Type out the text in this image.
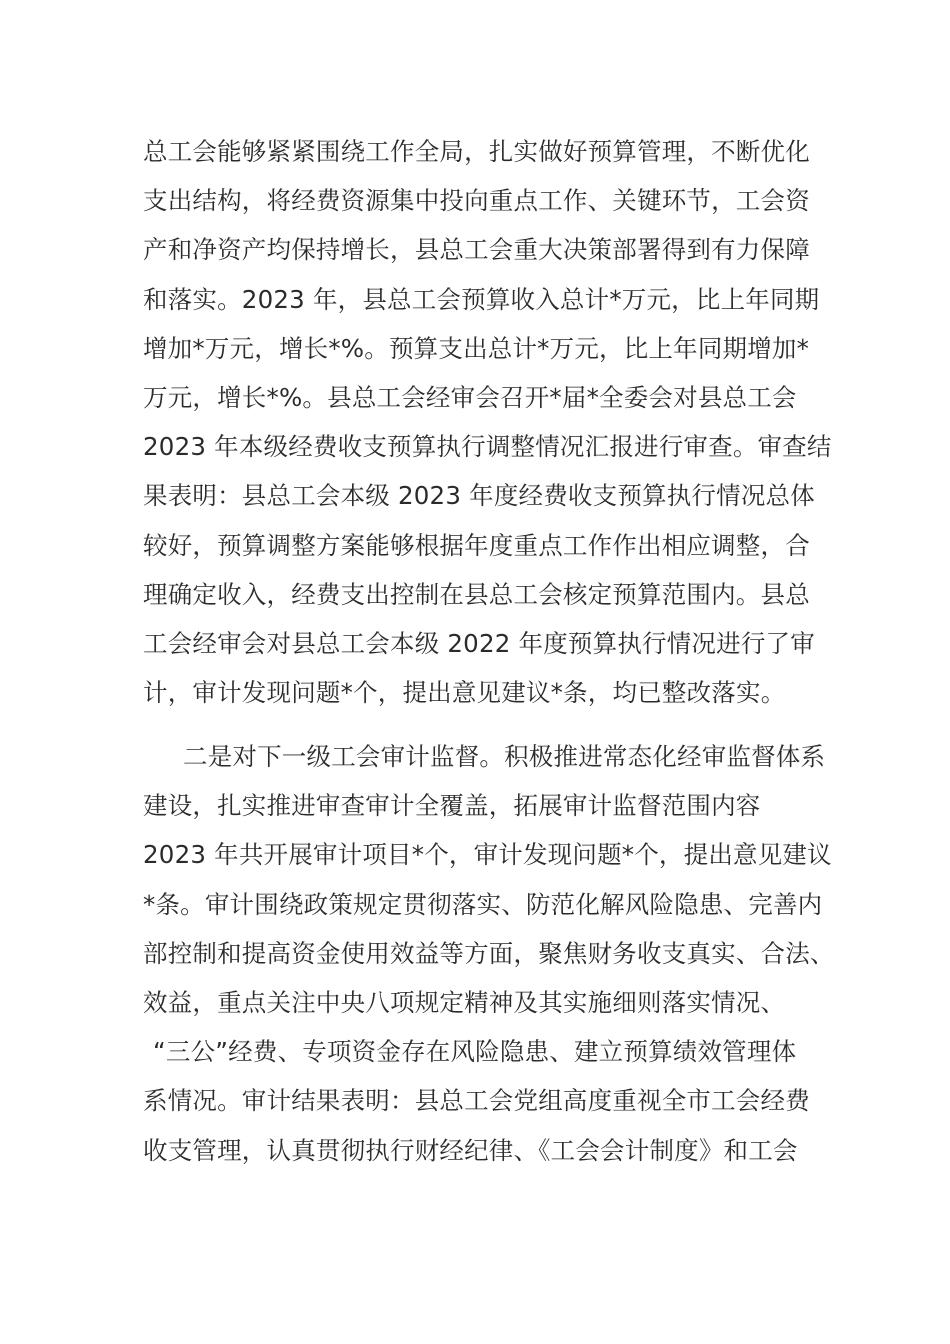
总工会能够紧紧围绕工作全局，扎实做好预算管理，不断优化
支出结构，将经费资源集中投向重点工作、关键环节，工会资
产和净资产均保持增长，县总工会重大决策部署得到有力保障
和落实。2023 年，县总工会预算收入总计*万元，比上年同期
增加*万元，增长*%。预算支出总计*万元，比上年同期增加*
万元，增长*%。县总工会经审会召开*届*全委会对县总工会
2023 年本级经费收支预算执行调整情况汇报进行审查。审查结
果表明：县总工会本级 2023 年度经费收支预算执行情况总体
较好，预算调整方案能够根据年度重点工作作出相应调整，合
理确定收入，经费支出控制在县总工会核定预算范围内。县总
工会经审会对县总工会本级 2022 年度预算执行情况进行了审
计，审计发现问题*个，提出意见建议*条，均已整改落实。
二是对下一级工会审计监督。积极推进常态化经审监督体系
建设，扎实推进审查审计全覆盖，拓展审计监督范围内容
2023 年共开展审计项目*个，审计发现问题*个，提出意见建议
*条。审计围绕政策规定贯彻落实、防范化解风险隐患、完善内
部控制和提高资金使用效益等方面，聚焦财务收支真实、合法、
效益，重点关注中央八项规定精神及其实施细则落实情况、
“三公”经费、专项资金存在风险隐患、建立预算绩效管理体
系情况。审计结果表明：县总工会党组高度重视全市工会经费
收支管理，认真贯彻执行财经纪律、《工会会计制度》和工会
